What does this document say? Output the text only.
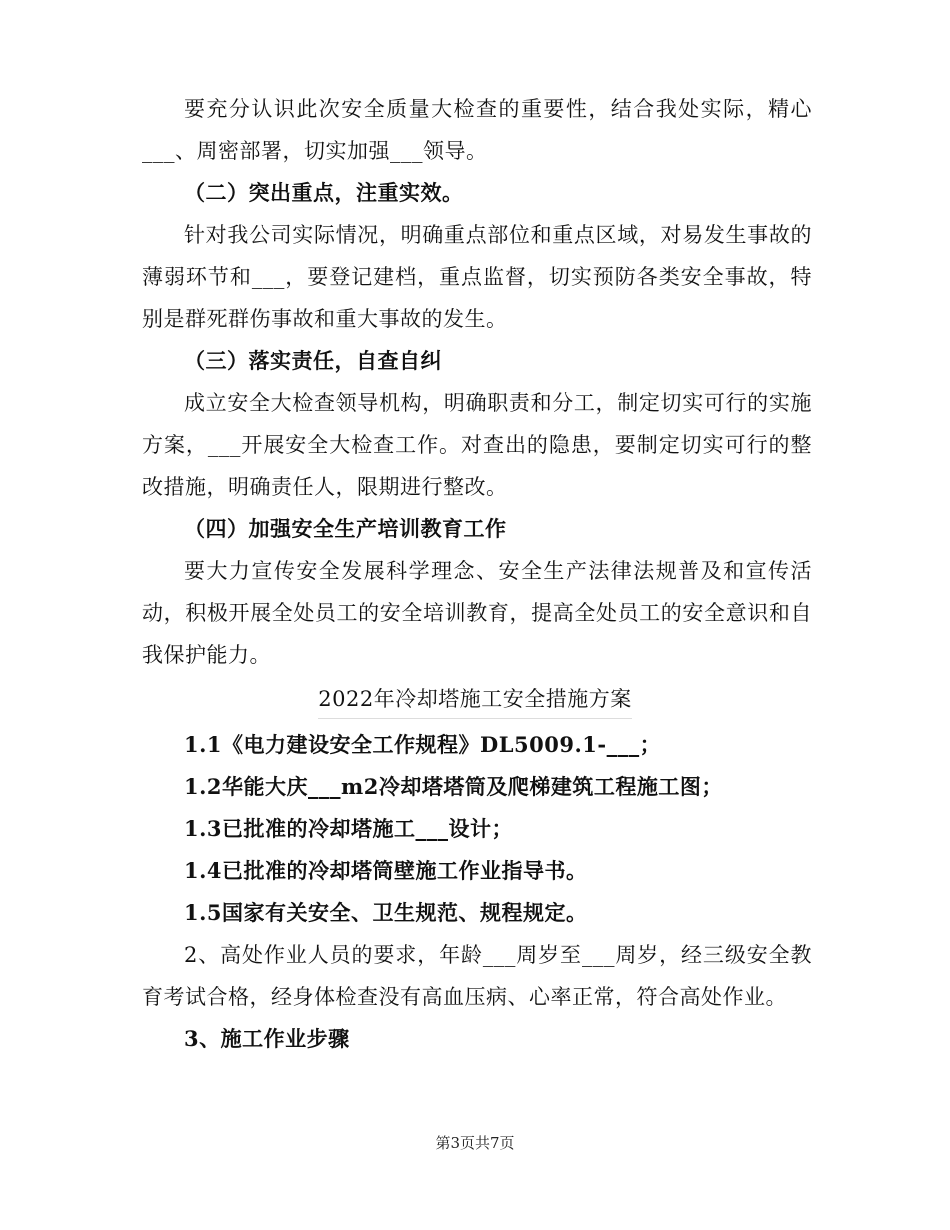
要充分认识此次安全质量大检查的重要性，结合我处实际，精心___、周密部署，切实加强___领导。

（二）突出重点，注重实效。

针对我公司实际情况，明确重点部位和重点区域，对易发生事故的薄弱环节和___，要登记建档，重点监督，切实预防各类安全事故，特别是群死群伤事故和重大事故的发生。

（三）落实责任，自查自纠

成立安全大检查领导机构，明确职责和分工，制定切实可行的实施方案，___开展安全大检查工作。对查出的隐患，要制定切实可行的整改措施，明确责任人，限期进行整改。

（四）加强安全生产培训教育工作

要大力宣传安全发展科学理念、安全生产法律法规普及和宣传活动，积极开展全处员工的安全培训教育，提高全处员工的安全意识和自我保护能力。

2022年冷却塔施工安全措施方案

1.1《电力建设安全工作规程》DL5009.1-___；

1.2华能大庆___m2冷却塔塔筒及爬梯建筑工程施工图；

1.3已批准的冷却塔施工___设计；

1.4已批准的冷却塔筒壁施工作业指导书。

1.5国家有关安全、卫生规范、规程规定。

2、高处作业人员的要求，年龄___周岁至___周岁，经三级安全教育考试合格，经身体检查没有高血压病、心率正常，符合高处作业。

3、施工作业步骤

第3页共7页
